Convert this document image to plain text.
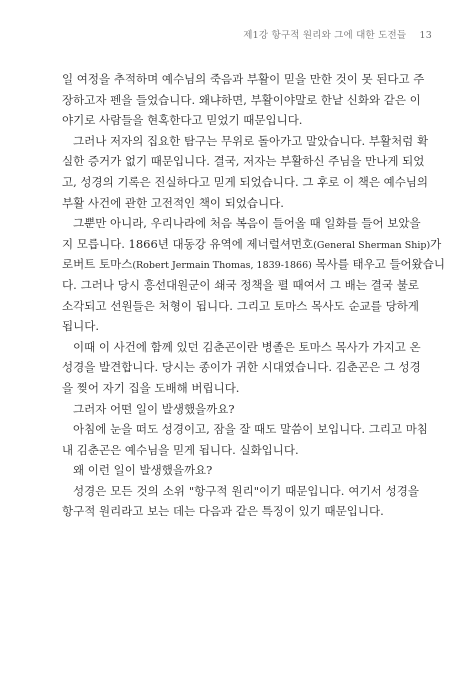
제1강 항구적 원리와 그에 대한 도전들 13
일 여정을 추적하며 예수님의 죽음과 부활이 믿을 만한 것이 못 된다고 주
장하고자 펜을 들었습니다. 왜냐하면, 부활이야말로 한낱 신화와 같은 이
야기로 사람들을 현혹한다고 믿었기 때문입니다.
그러나 저자의 집요한 탐구는 무위로 돌아가고 말았습니다. 부활처럼 확
실한 증거가 없기 때문입니다. 결국, 저자는 부활하신 주님을 만나게 되었
고, 성경의 기록은 진실하다고 믿게 되었습니다. 그 후로 이 책은 예수님의
부활 사건에 관한 고전적인 책이 되었습니다.
그뿐만 아니라, 우리나라에 처음 복음이 들어올 때 일화를 들어 보았을
지 모릅니다. 1866년 대동강 유역에 제너럴셔먼호(General Sherman Ship)가
로버트 토마스(Robert Jermain Thomas, 1839-1866) 목사를 태우고 들어왔습니
다. 그러나 당시 흥선대원군이 쇄국 정책을 펼 때여서 그 배는 결국 불로
소각되고 선원들은 처형이 됩니다. 그리고 토마스 목사도 순교를 당하게
됩니다.
이때 이 사건에 함께 있던 김춘곤이란 병졸은 토마스 목사가 가지고 온
성경을 발견합니다. 당시는 종이가 귀한 시대였습니다. 김춘곤은 그 성경
을 찢어 자기 집을 도배해 버립니다.
그러자 어떤 일이 발생했을까요?
아침에 눈을 떠도 성경이고, 잠을 잘 때도 말씀이 보입니다. 그리고 마침
내 김춘곤은 예수님을 믿게 됩니다. 실화입니다.
왜 이런 일이 발생했을까요?
성경은 모든 것의 소위 "항구적 원리"이기 때문입니다. 여기서 성경을
항구적 원리라고 보는 데는 다음과 같은 특징이 있기 때문입니다.
